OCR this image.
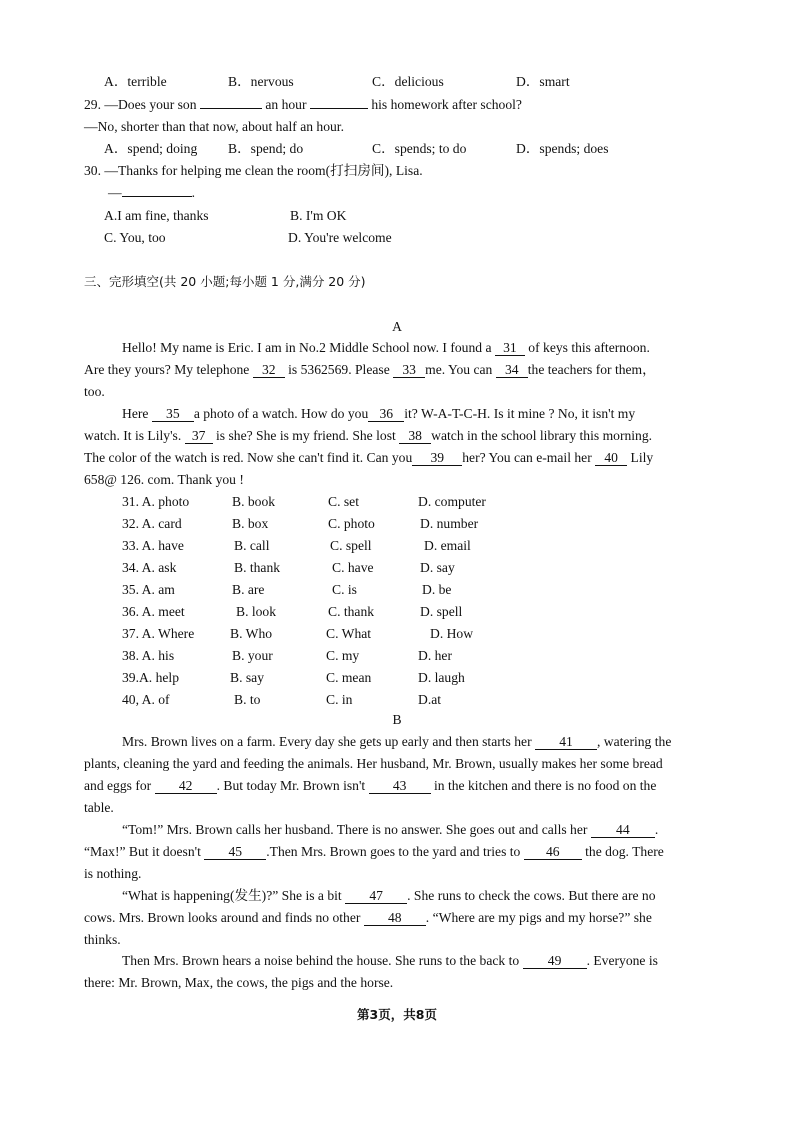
A．terrible	B．nervous	C．delicious	D．smart
29. —Does your son	an hour	his homework after school?
—No, shorter than that now, about half an hour.
A．spend; doing B．spend; do	C．spends; to do	D．spends; does
30. —Thanks for helping me clean the room(打扫房间), Lisa.
—	.
A.I am fine, thanks	B. I'm OK
C. You, too	D. You're welcome
三、完形填空(共 20 小题;每小题 1 分,满分 20 分)
A
Hello! My name is Eric. I am in No.2 Middle School now. I found a 31 of keys this afternoon.
Are they yours? My telephone 32 is 5362569. Please 33 me. You can 34 the teachers for them，
too.
Here 35 a photo of a watch. How do you 36 it? W-A-T-C-H. Is it mine ? No, it isn't my
watch. It is Lily's. 37 is she? She is my friend. She lost 38 watch in the school library this morning.
The color of the watch is red. Now she can't find it. Can you 39 her? You can e-mail her 40 Lily
658@ 126. com. Thank you !
31. A. photo	B. book	C. set	D. computer
32. A. card	B. box	C. photo	D. number
33. A. have	B. call	C. spell	D. email
34. A. ask	B. thank	C. have	D. say
35. A. am	B. are	C. is	D. be
36. A. meet	B. look	C. thank	D. spell
37. A. Where	B. Who	C. What	D. How
38. A. his	B. your	C. my	D. her
39.A. help	B. say	C. mean	D. laugh
40, A. of	B. to	C. in	D.at
B
Mrs. Brown lives on a farm. Every day she gets up early and then starts her 41 , watering the
plants, cleaning the yard and feeding the animals. Her husband, Mr. Brown, usually makes her some bread
and eggs for 42 . But today Mr. Brown isn't 43 in the kitchen and there is no food on the
table.
“Tom!” Mrs. Brown calls her husband. There is no answer. She goes out and calls her 44 .
“Max!” But it doesn't 45 .Then Mrs. Brown goes to the yard and tries to 46 the dog. There
is nothing.
“What is happening(发生)?” She is a bit 47 . She runs to check the cows. But there are no
cows. Mrs. Brown looks around and finds no other 48 . “Where are my pigs and my horse?” she
thinks.
Then Mrs. Brown hears a noise behind the house. She runs to the back to 49 . Everyone is
there: Mr. Brown, Max, the cows, the pigs and the horse.
第3页，共8页
